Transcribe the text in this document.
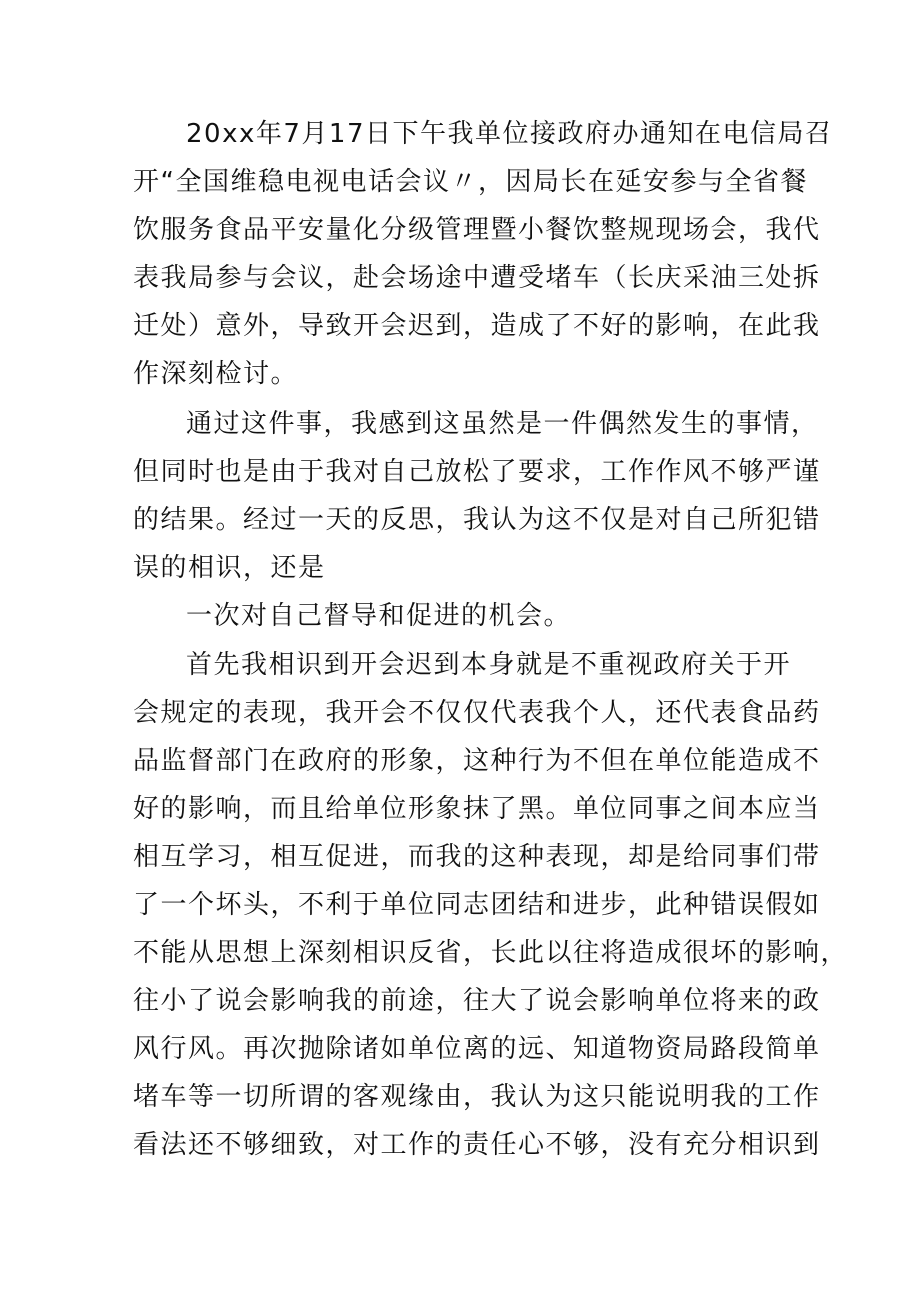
20xx年7月17日下午我单位接政府办通知在电信局召
开“全国维稳电视电话会议〃，因局长在延安参与全省餐
饮服务食品平安量化分级管理暨小餐饮整规现场会，我代
表我局参与会议，赴会场途中遭受堵车（长庆采油三处拆
迁处）意外，导致开会迟到，造成了不好的影响，在此我
作深刻检讨。
通过这件事，我感到这虽然是一件偶然发生的事情，
但同时也是由于我对自己放松了要求，工作作风不够严谨
的结果。经过一天的反思，我认为这不仅是对自己所犯错
误的相识，还是
一次对自己督导和促进的机会。
首先我相识到开会迟到本身就是不重视政府关于开
会规定的表现，我开会不仅仅代表我个人，还代表食品药
品监督部门在政府的形象，这种行为不但在单位能造成不
好的影响，而且给单位形象抹了黑。单位同事之间本应当
相互学习，相互促进，而我的这种表现，却是给同事们带
了一个坏头，不利于单位同志团结和进步，此种错误假如
不能从思想上深刻相识反省，长此以往将造成很坏的影响，
往小了说会影响我的前途，往大了说会影响单位将来的政
风行风。再次抛除诸如单位离的远、知道物资局路段简单
堵车等一切所谓的客观缘由，我认为这只能说明我的工作
看法还不够细致，对工作的责任心不够，没有充分相识到
